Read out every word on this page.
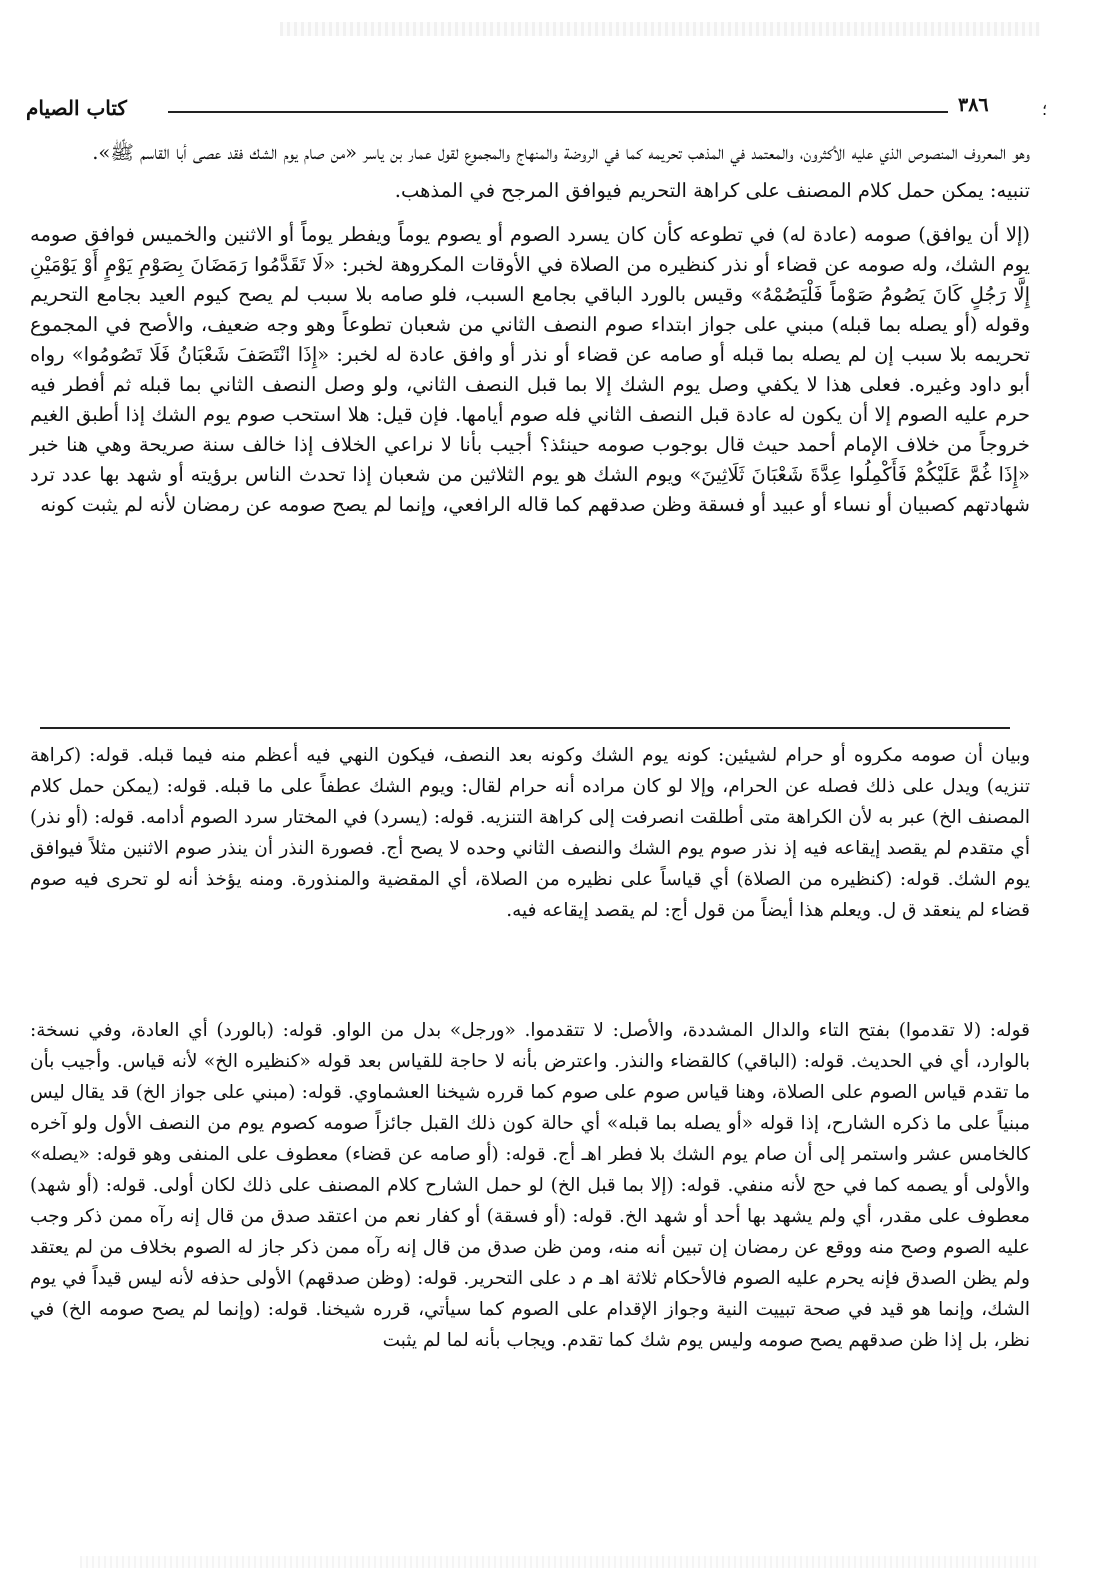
؛
٣٨٦
كتاب الصيام

وهو المعروف المنصوص الذي عليه الأكثرون، والمعتمد في المذهب تحريمه كما في الروضة والمنهاج والمجموع لقول عمار بن ياسر «من صام يوم الشك فقد عصى أبا القاسم ﷺ».

تنبيه: يمكن حمل كلام المصنف على كراهة التحريم فيوافق المرجح في المذهب.

(إلا أن يوافق) صومه (عادة له) في تطوعه كأن كان يسرد الصوم أو يصوم يوماً ويفطر يوماً أو الاثنين والخميس فوافق صومه يوم الشك، وله صومه عن قضاء أو نذر كنظيره من الصلاة في الأوقات المكروهة لخبر: «لَا تَقَدَّمُوا رَمَضَانَ بِصَوْمِ يَوْمٍ أَوْ يَوْمَيْنِ إِلَّا رَجُلٍ كَانَ يَصُومُ صَوْماً فَلْيَصُمْهُ» وقيس بالورد الباقي بجامع السبب، فلو صامه بلا سبب لم يصح كيوم العيد بجامع التحريم وقوله (أو يصله بما قبله) مبني على جواز ابتداء صوم النصف الثاني من شعبان تطوعاً وهو وجه ضعيف، والأصح في المجموع تحريمه بلا سبب إن لم يصله بما قبله أو صامه عن قضاء أو نذر أو وافق عادة له لخبر: «إِذَا انْتَصَفَ شَعْبَانُ فَلَا تَصُومُوا» رواه أبو داود وغيره. فعلى هذا لا يكفي وصل يوم الشك إلا بما قبل النصف الثاني، ولو وصل النصف الثاني بما قبله ثم أفطر فيه حرم عليه الصوم إلا أن يكون له عادة قبل النصف الثاني فله صوم أيامها. فإن قيل: هلا استحب صوم يوم الشك إذا أطبق الغيم خروجاً من خلاف الإمام أحمد حيث قال بوجوب صومه حينئذ؟ أجيب بأنا لا نراعي الخلاف إذا خالف سنة صريحة وهي هنا خبر «إِذَا غُمَّ عَلَيْكُمْ فَأَكْمِلُوا عِدَّةَ شَعْبَانَ ثَلَاثِينَ» ويوم الشك هو يوم الثلاثين من شعبان إذا تحدث الناس برؤيته أو شهد بها عدد ترد شهادتهم كصبيان أو نساء أو عبيد أو فسقة وظن صدقهم كما قاله الرافعي، وإنما لم يصح صومه عن رمضان لأنه لم يثبت كونه

وبيان أن صومه مكروه أو حرام لشيئين: كونه يوم الشك وكونه بعد النصف، فيكون النهي فيه أعظم منه فيما قبله. قوله: (كراهة تنزيه) ويدل على ذلك فصله عن الحرام، وإلا لو كان مراده أنه حرام لقال: ويوم الشك عطفاً على ما قبله. قوله: (يمكن حمل كلام المصنف الخ) عبر به لأن الكراهة متى أطلقت انصرفت إلى كراهة التنزيه. قوله: (يسرد) في المختار سرد الصوم أدامه. قوله: (أو نذر) أي متقدم لم يقصد إيقاعه فيه إذ نذر صوم يوم الشك والنصف الثاني وحده لا يصح أج. فصورة النذر أن ينذر صوم الاثنين مثلاً فيوافق يوم الشك. قوله: (كنظيره من الصلاة) أي قياساً على نظيره من الصلاة، أي المقضية والمنذورة. ومنه يؤخذ أنه لو تحرى فيه صوم قضاء لم ينعقد ق ل. ويعلم هذا أيضاً من قول أج: لم يقصد إيقاعه فيه.

قوله: (لا تقدموا) بفتح التاء والدال المشددة، والأصل: لا تتقدموا. «ورجل» بدل من الواو. قوله: (بالورد) أي العادة، وفي نسخة: بالوارد، أي في الحديث. قوله: (الباقي) كالقضاء والنذر. واعترض بأنه لا حاجة للقياس بعد قوله «كنظيره الخ» لأنه قياس. وأجيب بأن ما تقدم قياس الصوم على الصلاة، وهنا قياس صوم على صوم كما قرره شيخنا العشماوي. قوله: (مبني على جواز الخ) قد يقال ليس مبنياً على ما ذكره الشارح، إذا قوله «أو يصله بما قبله» أي حالة كون ذلك القبل جائزاً صومه كصوم يوم من النصف الأول ولو آخره كالخامس عشر واستمر إلى أن صام يوم الشك بلا فطر اهـ أج. قوله: (أو صامه عن قضاء) معطوف على المنفى وهو قوله: «يصله» والأولى أو يصمه كما في حج لأنه منفي. قوله: (إلا بما قبل الخ) لو حمل الشارح كلام المصنف على ذلك لكان أولى. قوله: (أو شهد) معطوف على مقدر، أي ولم يشهد بها أحد أو شهد الخ. قوله: (أو فسقة) أو كفار نعم من اعتقد صدق من قال إنه رآه ممن ذكر وجب عليه الصوم وصح منه ووقع عن رمضان إن تبين أنه منه، ومن ظن صدق من قال إنه رآه ممن ذكر جاز له الصوم بخلاف من لم يعتقد ولم يظن الصدق فإنه يحرم عليه الصوم فالأحكام ثلاثة اهـ م د على التحرير. قوله: (وظن صدقهم) الأولى حذفه لأنه ليس قيداً في يوم الشك، وإنما هو قيد في صحة تبييت النية وجواز الإقدام على الصوم كما سيأتي، قرره شيخنا. قوله: (وإنما لم يصح صومه الخ) في نظر، بل إذا ظن صدقهم يصح صومه وليس يوم شك كما تقدم. ويجاب بأنه لما لم يثبت
